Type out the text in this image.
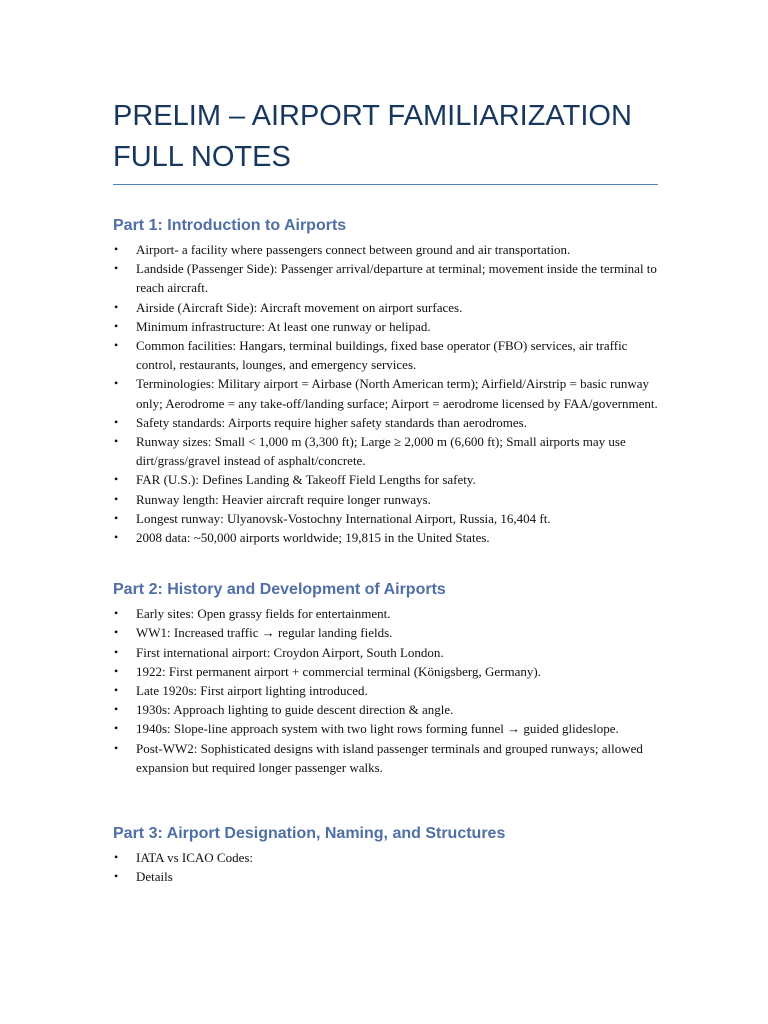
PRELIM – AIRPORT FAMILIARIZATION
FULL NOTES
Part 1: Introduction to Airports
• Airport- a facility where passengers connect between ground and air transportation.
• Landside (Passenger Side): Passenger arrival/departure at terminal; movement inside the terminal to reach aircraft.
• Airside (Aircraft Side): Aircraft movement on airport surfaces.
• Minimum infrastructure: At least one runway or helipad.
• Common facilities: Hangars, terminal buildings, fixed base operator (FBO) services, air traffic control, restaurants, lounges, and emergency services.
• Terminologies: Military airport = Airbase (North American term); Airfield/Airstrip = basic runway only; Aerodrome = any take-off/landing surface; Airport = aerodrome licensed by FAA/government.
• Safety standards: Airports require higher safety standards than aerodromes.
• Runway sizes: Small < 1,000 m (3,300 ft); Large ≥ 2,000 m (6,600 ft); Small airports may use dirt/grass/gravel instead of asphalt/concrete.
• FAR (U.S.): Defines Landing & Takeoff Field Lengths for safety.
• Runway length: Heavier aircraft require longer runways.
• Longest runway: Ulyanovsk-Vostochny International Airport, Russia, 16,404 ft.
• 2008 data: ~50,000 airports worldwide; 19,815 in the United States.
Part 2: History and Development of Airports
• Early sites: Open grassy fields for entertainment.
• WW1: Increased traffic → regular landing fields.
• First international airport: Croydon Airport, South London.
• 1922: First permanent airport + commercial terminal (Königsberg, Germany).
• Late 1920s: First airport lighting introduced.
• 1930s: Approach lighting to guide descent direction & angle.
• 1940s: Slope-line approach system with two light rows forming funnel → guided glideslope.
• Post-WW2: Sophisticated designs with island passenger terminals and grouped runways; allowed expansion but required longer passenger walks.
Part 3: Airport Designation, Naming, and Structures
• IATA vs ICAO Codes:
• Details
